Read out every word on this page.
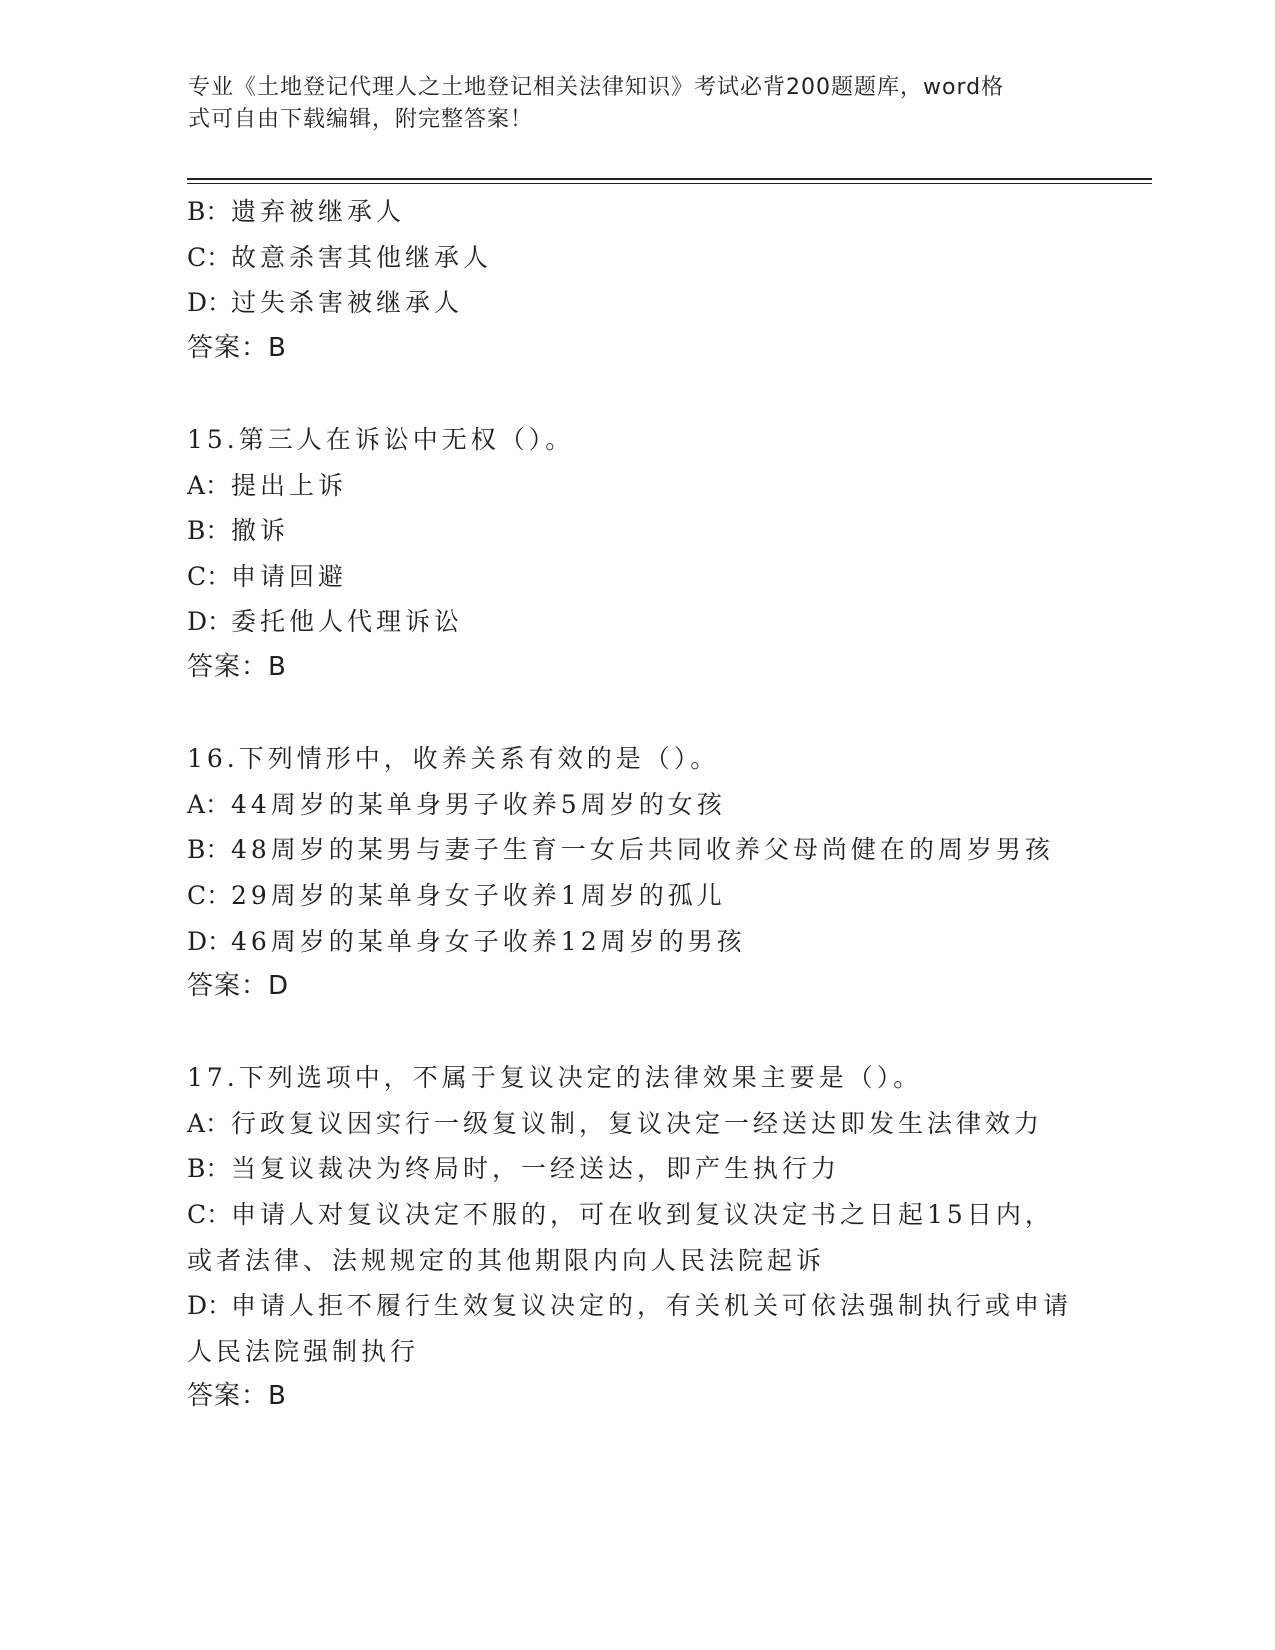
专业《土地登记代理人之土地登记相关法律知识》考试必背200题题库，word格
式可自由下载编辑，附完整答案！
B：遗弃被继承人
C：故意杀害其他继承人
D：过失杀害被继承人
答案：B
15.第三人在诉讼中无权（）。
A：提出上诉
B：撤诉
C：申请回避
D：委托他人代理诉讼
答案：B
16.下列情形中，收养关系有效的是（）。
A：44周岁的某单身男子收养5周岁的女孩
B：48周岁的某男与妻子生育一女后共同收养父母尚健在的周岁男孩
C：29周岁的某单身女子收养1周岁的孤儿
D：46周岁的某单身女子收养12周岁的男孩
答案：D
17.下列选项中，不属于复议决定的法律效果主要是（）。
A：行政复议因实行一级复议制，复议决定一经送达即发生法律效力
B：当复议裁决为终局时，一经送达，即产生执行力
C：申请人对复议决定不服的，可在收到复议决定书之日起15日内，
或者法律、法规规定的其他期限内向人民法院起诉
D：申请人拒不履行生效复议决定的，有关机关可依法强制执行或申请
人民法院强制执行
答案：B
